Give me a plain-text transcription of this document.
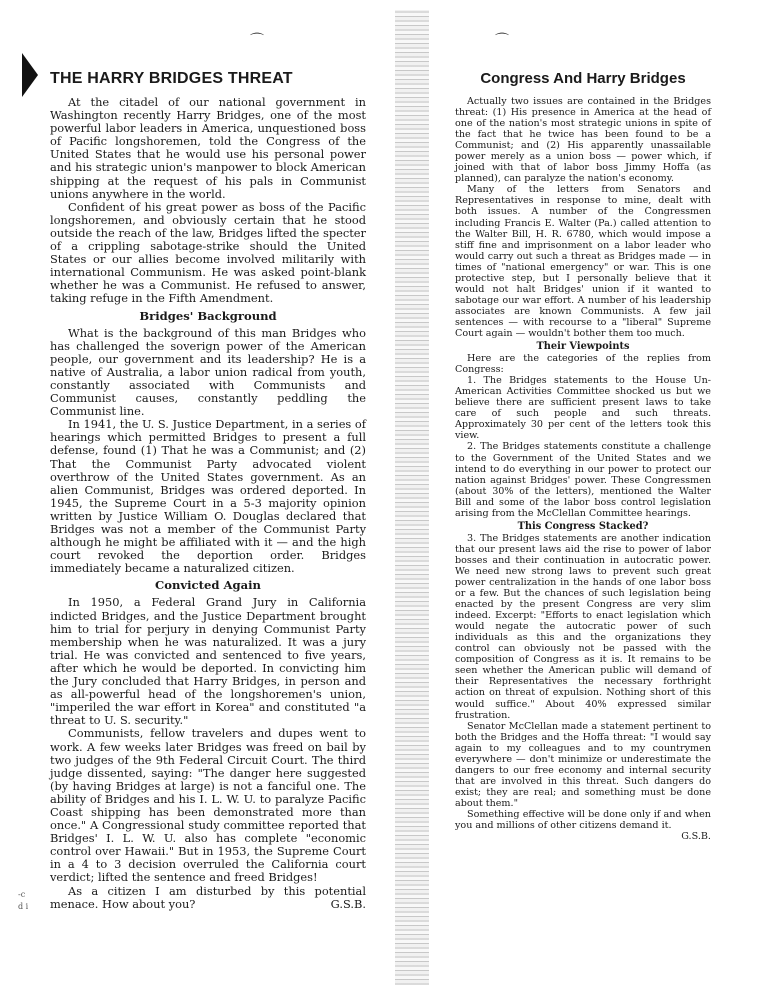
⌒	⌒
THE HARRY BRIDGES THREAT	Congress And Harry Bridges

At the citadel of our national government in Washington recently Harry Bridges, one of the most powerful labor leaders in America, unquestioned boss of Pacific longshoremen, told the Congress of the United States that he would use his personal power and his strategic union's manpower to block American shipping at the request of his pals in Communist unions anywhere in the world.

Confident of his great power as boss of the Pacific longshoremen, and obviously certain that he stood outside the reach of the law, Bridges lifted the specter of a crippling sabotage-strike should the United States or our allies become involved militarily with international Communism. He was asked point-blank whether he was a Communist. He refused to answer, taking refuge in the Fifth Amendment.

Bridges' Background

What is the background of this man Bridges who has challenged the soverign power of the American people, our government and its leadership? He is a native of Australia, a labor union radical from youth, constantly associated with Communists and Communist causes, constantly peddling the Communist line.

In 1941, the U. S. Justice Department, in a series of hearings which permitted Bridges to present a full defense, found (1) That he was a Communist; and (2) That the Communist Party advocated violent overthrow of the United States government. As an alien Communist, Bridges was ordered deported. In 1945, the Supreme Court in a 5-3 majority opinion written by Justice William O. Douglas declared that Bridges was not a member of the Communist Party although he might be affiliated with it — and the high court revoked the deportion order. Bridges immediately became a naturalized citizen.

Convicted Again

In 1950, a Federal Grand Jury in California indicted Bridges, and the Justice Department brought him to trial for perjury in denying Communist Party membership when he was naturalized. It was a jury trial. He was convicted and sentenced to five years, after which he would be deported. In convicting him the Jury concluded that Harry Bridges, in person and as all-powerful head of the longshoremen's union, "imperiled the war effort in Korea" and constituted "a threat to U. S. security."

Communists, fellow travelers and dupes went to work. A few weeks later Bridges was freed on bail by two judges of the 9th Federal Circuit Court. The third judge dissented, saying: "The danger here suggested (by having Bridges at large) is not a fanciful one. The ability of Bridges and his I. L. W. U. to paralyze Pacific Coast shipping has been demonstrated more than once." A Congressional study committee reported that Bridges' I. L. W. U. also has complete "economic control over Hawaii." But in 1953, the Supreme Court in a 4 to 3 decision overruled the California court verdict; lifted the sentence and freed Bridges!

As a citizen I am disturbed by this potential menace. How about you?	G.S.B.

Actually two issues are contained in the Bridges threat: (1) His presence in America at the head of one of the nation's most strategic unions in spite of the fact that he twice has been found to be a Communist; and (2) His apparently unassailable power merely as a union boss — power which, if joined with that of labor boss Jimmy Hoffa (as planned), can paralyze the nation's economy.

Many of the letters from Senators and Representatives in response to mine, dealt with both issues. A number of the Congressmen including Francis E. Walter (Pa.) called attention to the Walter Bill, H. R. 6780, which would impose a stiff fine and imprisonment on a labor leader who would carry out such a threat as Bridges made — in times of "national emergency" or war. This is one protective step, but I personally believe that it would not halt Bridges' union if it wanted to sabotage our war effort. A number of his leadership associates are known Communists. A few jail sentences — with recourse to a "liberal" Supreme Court again — wouldn't bother them too much.

Their Viewpoints

Here are the categories of the replies from Congress:

1. The Bridges statements to the House Un-American Activities Committee shocked us but we believe there are sufficient present laws to take care of such people and such threats. Approximately 30 per cent of the letters took this view.

2. The Bridges statements constitute a challenge to the Government of the United States and we intend to do everything in our power to protect our nation against Bridges' power. These Congressmen (about 30% of the letters), mentioned the Walter Bill and some of the labor boss control legislation arising from the McClellan Committee hearings.

This Congress Stacked?

3. The Bridges statements are another indication that our present laws aid the rise to power of labor bosses and their continuation in autocratic power. We need new strong laws to prevent such great power centralization in the hands of one labor boss or a few. But the chances of such legislation being enacted by the present Congress are very slim indeed. Excerpt: "Efforts to enact legislation which would negate the autocratic power of such individuals as this and the organizations they control can obviously not be passed with the composition of Congress as it is. It remains to be seen whether the American public will demand of their Representatives the necessary forthright action on threat of expulsion. Nothing short of this would suffice." About 40% expressed similar frustration.

Senator McClellan made a statement pertinent to both the Bridges and the Hoffa threat: "I would say again to my colleagues and to my countrymen everywhere — don't minimize or underestimate the dangers to our free economy and internal security that are involved in this threat. Such dangers do exist; they are real; and something must be done about them."

Something effective will be done only if and when you and millions of other citizens demand it.
G.S.B.

-c
d i
